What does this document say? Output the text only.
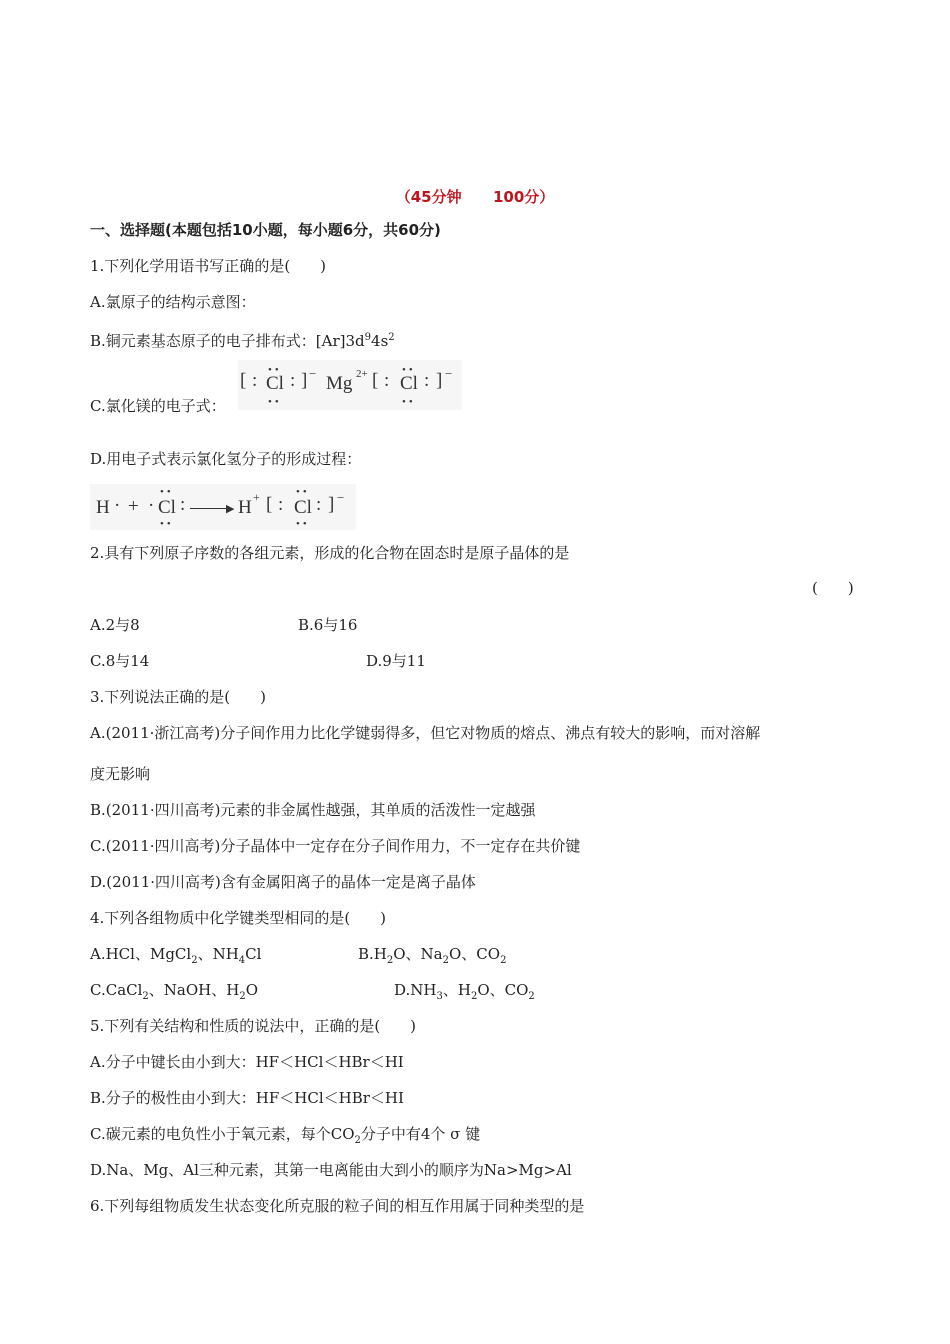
（45分钟 100分）
一、选择题(本题包括10小题，每小题6分，共60分)
1.下列化学用语书写正确的是(　　)
A.氯原子的结构示意图：
B.铜元素基态原子的电子排布式：$[Ar]3d^94s^2$
C.氯化镁的电子式：
[ : ••
Cl
••
: ] − Mg 2+ [ : ••
Cl
••
: ] −
D.用电子式表示氯化氢分子的形成过程：
H · + ·
••
Cl
••
:	▶ H + [ :
••
Cl
••
: ] −
2.具有下列原子序数的各组元素，形成的化合物在固态时是原子晶体的是
(　　)
A.2与8	B.6与16
C.8与14	D.9与11
3.下列说法正确的是(　　)
A.(2011·浙江高考)分子间作用力比化学键弱得多，但它对物质的熔点、沸点有较大的影响，而对溶解
度无影响
B.(2011·四川高考)元素的非金属性越强，其单质的活泼性一定越强
C.(2011·四川高考)分子晶体中一定存在分子间作用力，不一定存在共价键
D.(2011·四川高考)含有金属阳离子的晶体一定是离子晶体
4.下列各组物质中化学键类型相同的是(　　)
A.HCl、MgCl$_2$、$NH_4Cl$	$B.H_2O$、$Na_2O$、$CO_2$
C.CaCl$_2$、NaOH、$H_2O$	$D.NH_3$、$H_2O$、$CO_2$
5.下列有关结构和性质的说法中，正确的是(　　)
A.分子中键长由小到大：HF＜HCl＜HBr＜HI
B.分子的极性由小到大：HF＜HCl＜HBr＜HI
C.碳元素的电负性小于氧元素，每个$CO_2$分子中有4个 σ 键
D.Na、Mg、Al三种元素，其第一电离能由大到小的顺序为Na>Mg>Al
6.下列每组物质发生状态变化所克服的粒子间的相互作用属于同种类型的是
